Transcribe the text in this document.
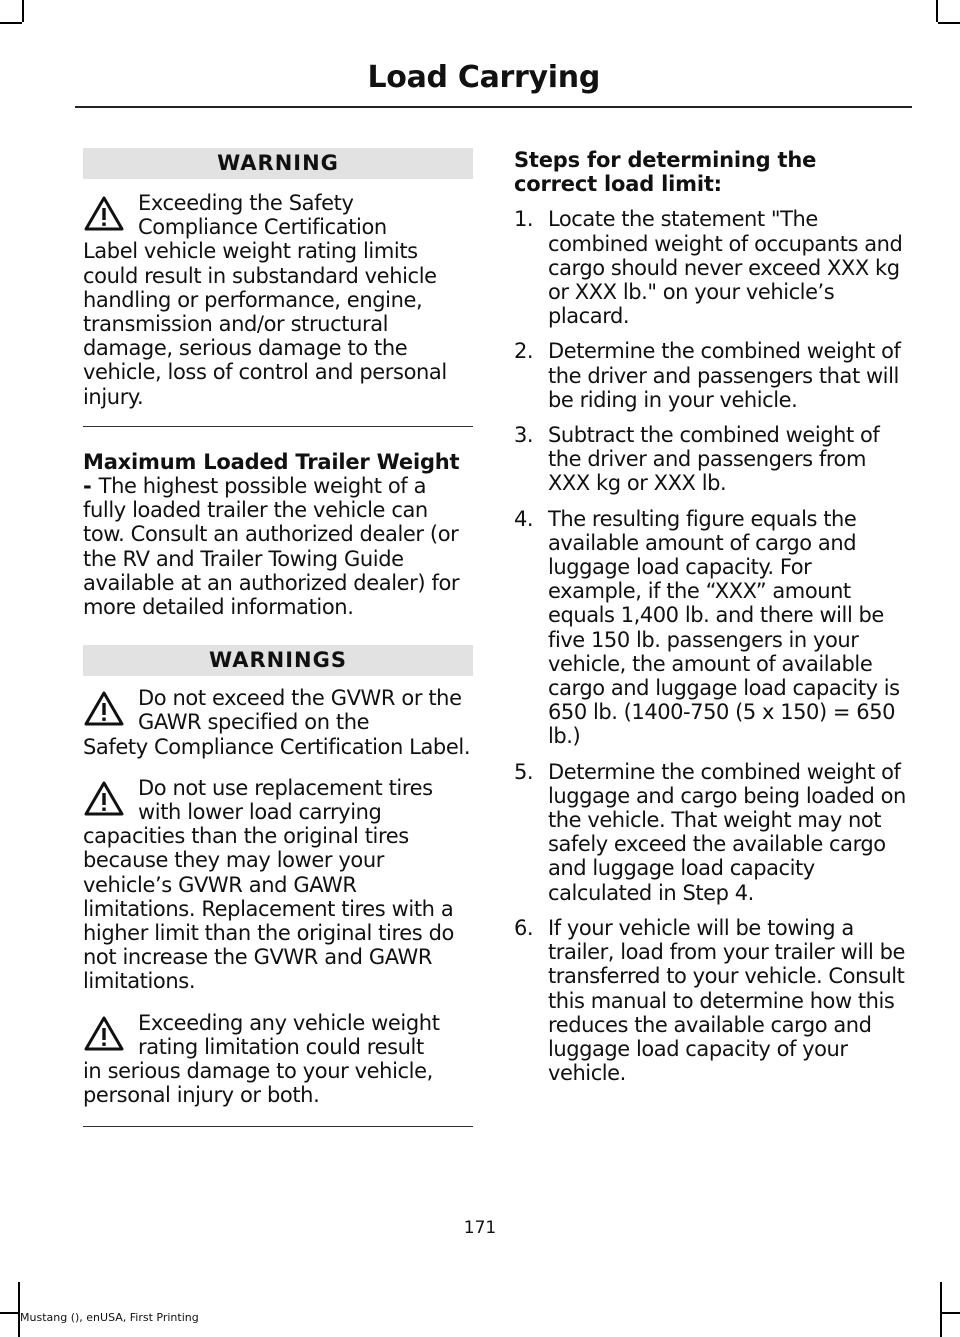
Load Carrying
WARNING
Exceeding the Safety Compliance Certification
Label vehicle weight rating limits could result in substandard vehicle handling or performance, engine, transmission and/or structural damage, serious damage to the vehicle, loss of control and personal injury.
Maximum Loaded Trailer Weight - The highest possible weight of a fully loaded trailer the vehicle can tow. Consult an authorized dealer (or the RV and Trailer Towing Guide available at an authorized dealer) for more detailed information.
WARNINGS
Do not exceed the GVWR or the GAWR specified on the
Safety Compliance Certification Label.
Do not use replacement tires with lower load carrying
capacities than the original tires because they may lower your vehicle’s GVWR and GAWR limitations. Replacement tires with a higher limit than the original tires do not increase the GVWR and GAWR limitations.
Exceeding any vehicle weight rating limitation could result
in serious damage to your vehicle, personal injury or both.
Steps for determining the correct load limit:
1. Locate the statement "The combined weight of occupants and cargo should never exceed XXX kg or XXX lb." on your vehicle’s placard.
2. Determine the combined weight of the driver and passengers that will be riding in your vehicle.
3. Subtract the combined weight of the driver and passengers from XXX kg or XXX lb.
4. The resulting figure equals the available amount of cargo and luggage load capacity. For example, if the “XXX” amount equals 1,400 lb. and there will be five 150 lb. passengers in your vehicle, the amount of available cargo and luggage load capacity is 650 lb. (1400-750 (5 x 150) = 650 lb.)
5. Determine the combined weight of luggage and cargo being loaded on the vehicle. That weight may not safely exceed the available cargo and luggage load capacity calculated in Step 4.
6. If your vehicle will be towing a trailer, load from your trailer will be transferred to your vehicle. Consult this manual to determine how this reduces the available cargo and luggage load capacity of your vehicle.
171
Mustang (), enUSA, First Printing
